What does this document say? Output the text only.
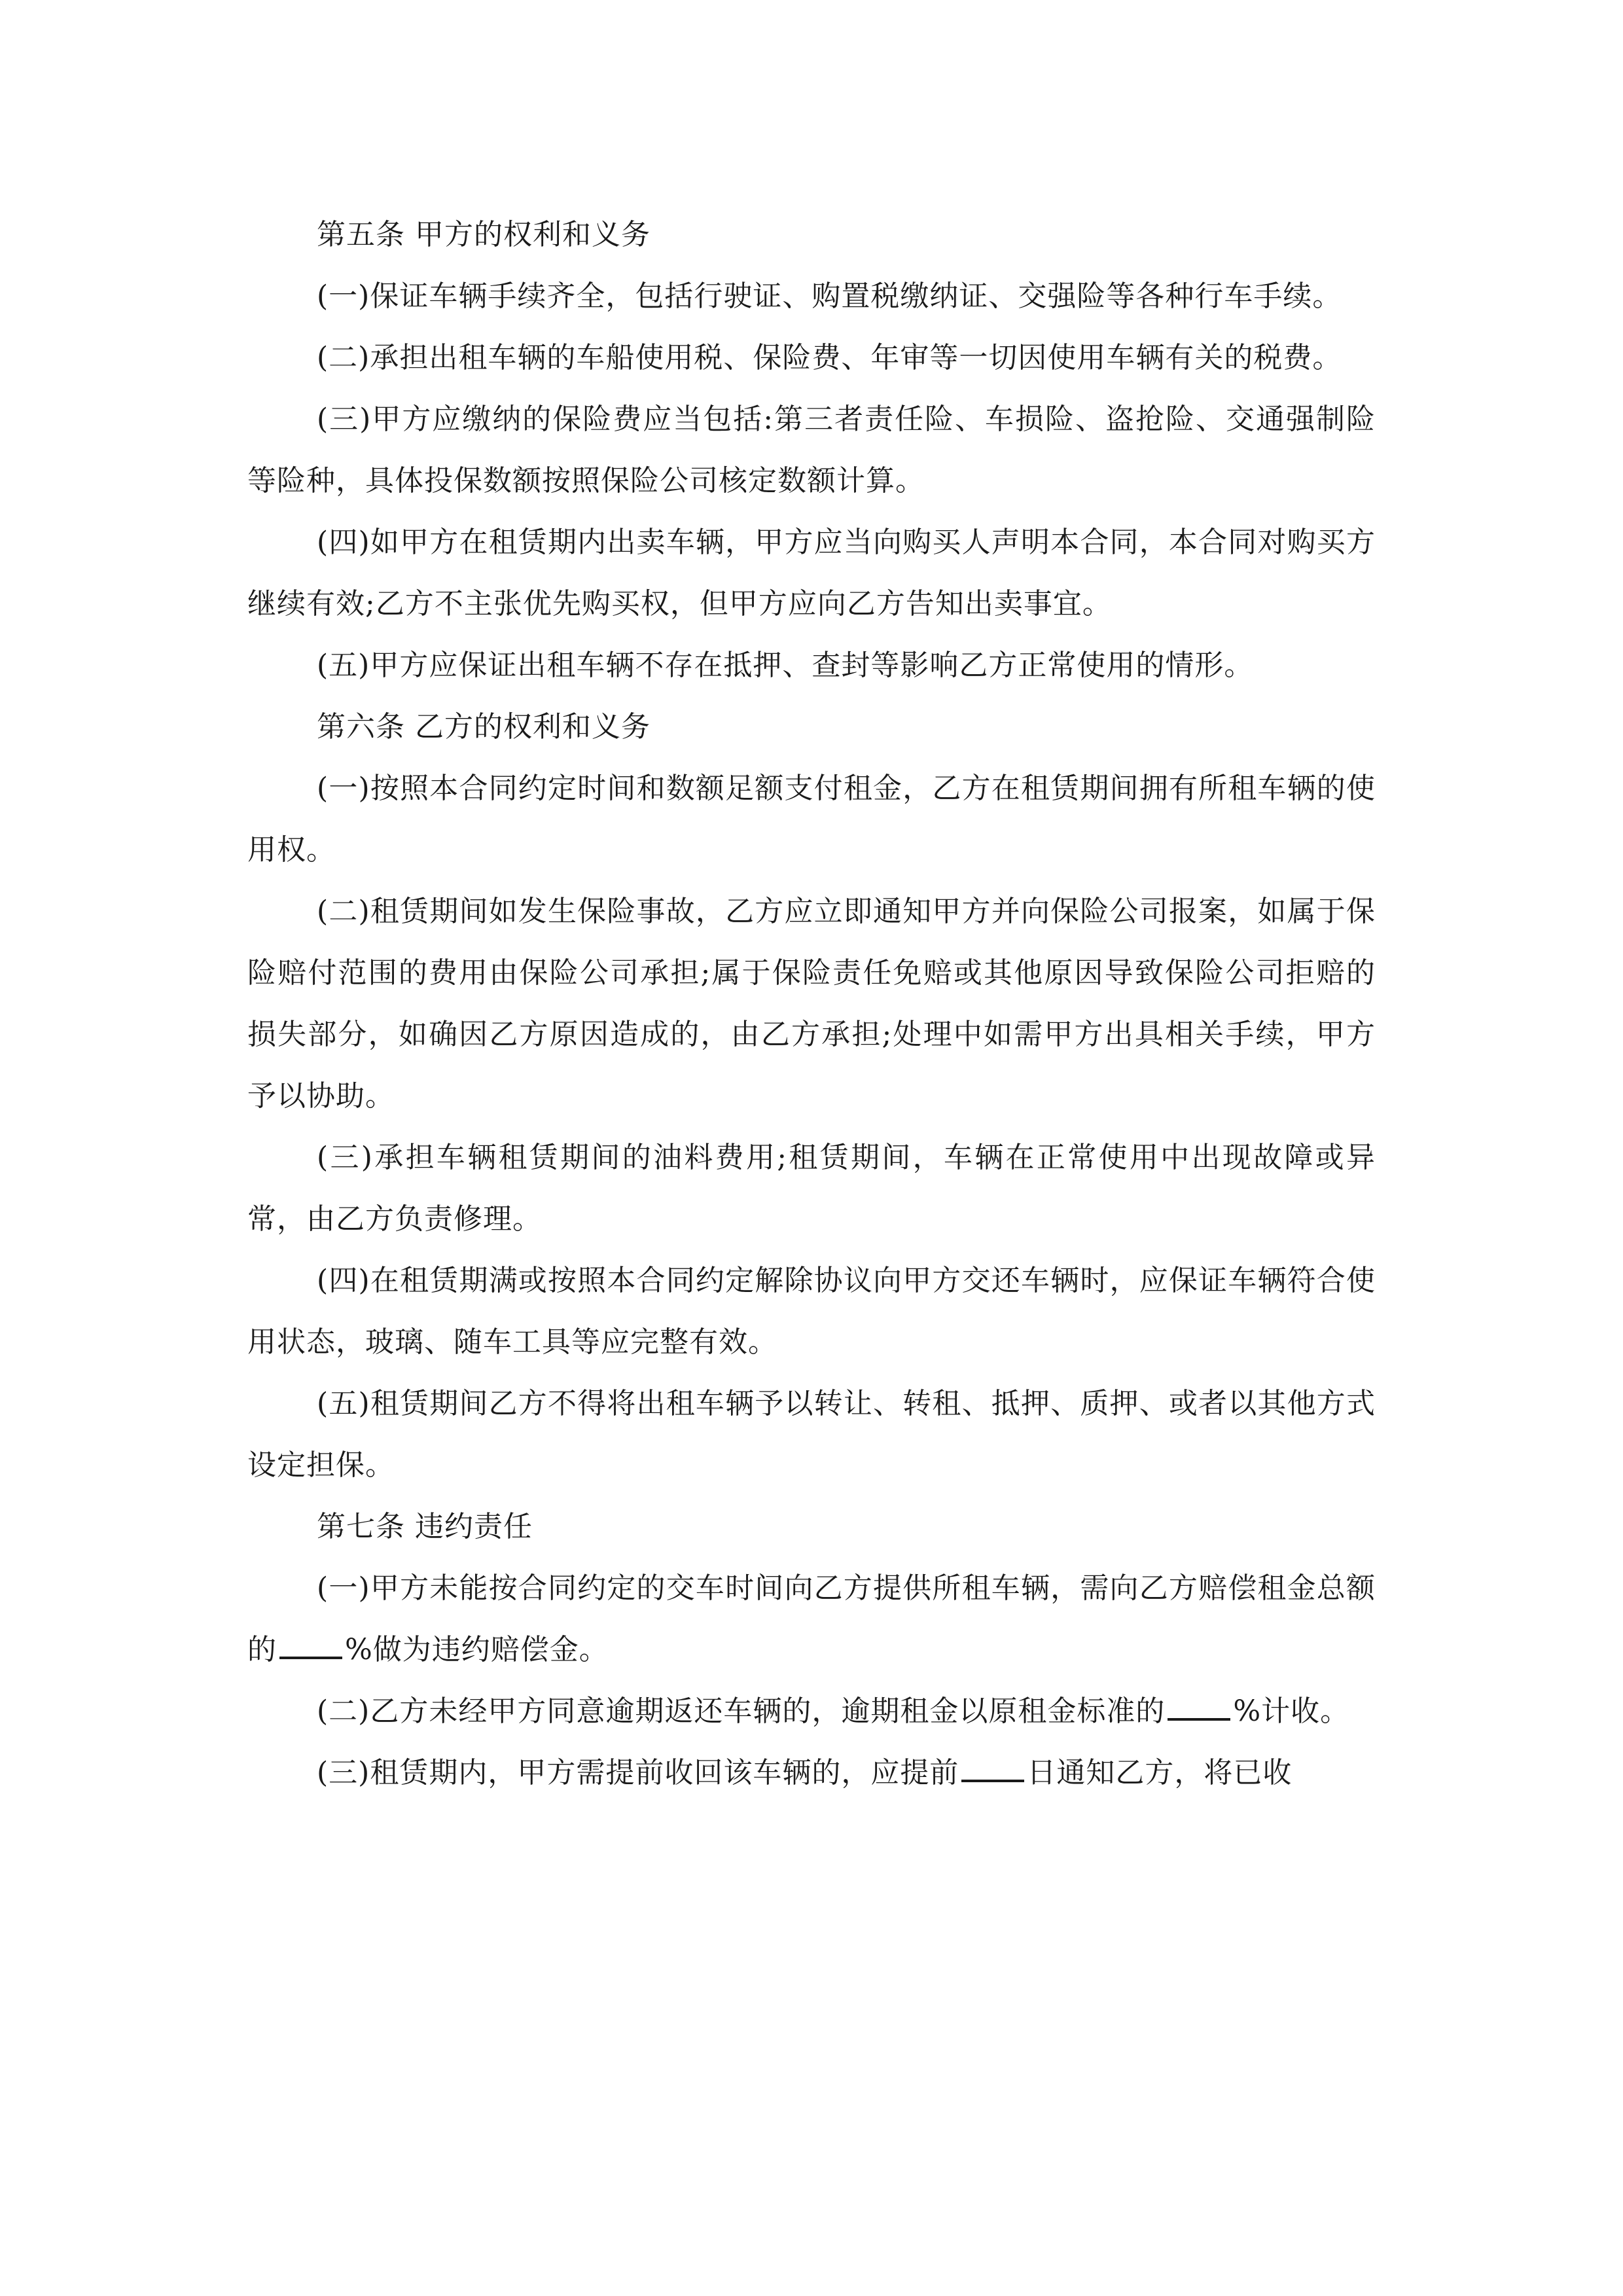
第五条 甲方的权利和义务

(一)保证车辆手续齐全，包括行驶证、购置税缴纳证、交强险等各种行车手续。

(二)承担出租车辆的车船使用税、保险费、年审等一切因使用车辆有关的税费。

(三)甲方应缴纳的保险费应当包括:第三者责任险、车损险、盗抢险、交通强制险等险种，具体投保数额按照保险公司核定数额计算。

(四)如甲方在租赁期内出卖车辆，甲方应当向购买人声明本合同，本合同对购买方继续有效;乙方不主张优先购买权，但甲方应向乙方告知出卖事宜。

(五)甲方应保证出租车辆不存在抵押、查封等影响乙方正常使用的情形。

第六条 乙方的权利和义务

(一)按照本合同约定时间和数额足额支付租金，乙方在租赁期间拥有所租车辆的使用权。

(二)租赁期间如发生保险事故，乙方应立即通知甲方并向保险公司报案，如属于保险赔付范围的费用由保险公司承担;属于保险责任免赔或其他原因导致保险公司拒赔的损失部分，如确因乙方原因造成的，由乙方承担;处理中如需甲方出具相关手续，甲方予以协助。

(三)承担车辆租赁期间的油料费用;租赁期间，车辆在正常使用中出现故障或异常，由乙方负责修理。

(四)在租赁期满或按照本合同约定解除协议向甲方交还车辆时，应保证车辆符合使用状态，玻璃、随车工具等应完整有效。

(五)租赁期间乙方不得将出租车辆予以转让、转租、抵押、质押、或者以其他方式设定担保。

第七条 违约责任

(一)甲方未能按合同约定的交车时间向乙方提供所租车辆，需向乙方赔偿租金总额的 %做为违约赔偿金。

(二)乙方未经甲方同意逾期返还车辆的，逾期租金以原租金标准的 %计收。

(三)租赁期内，甲方需提前收回该车辆的，应提前 日通知乙方，将已收
